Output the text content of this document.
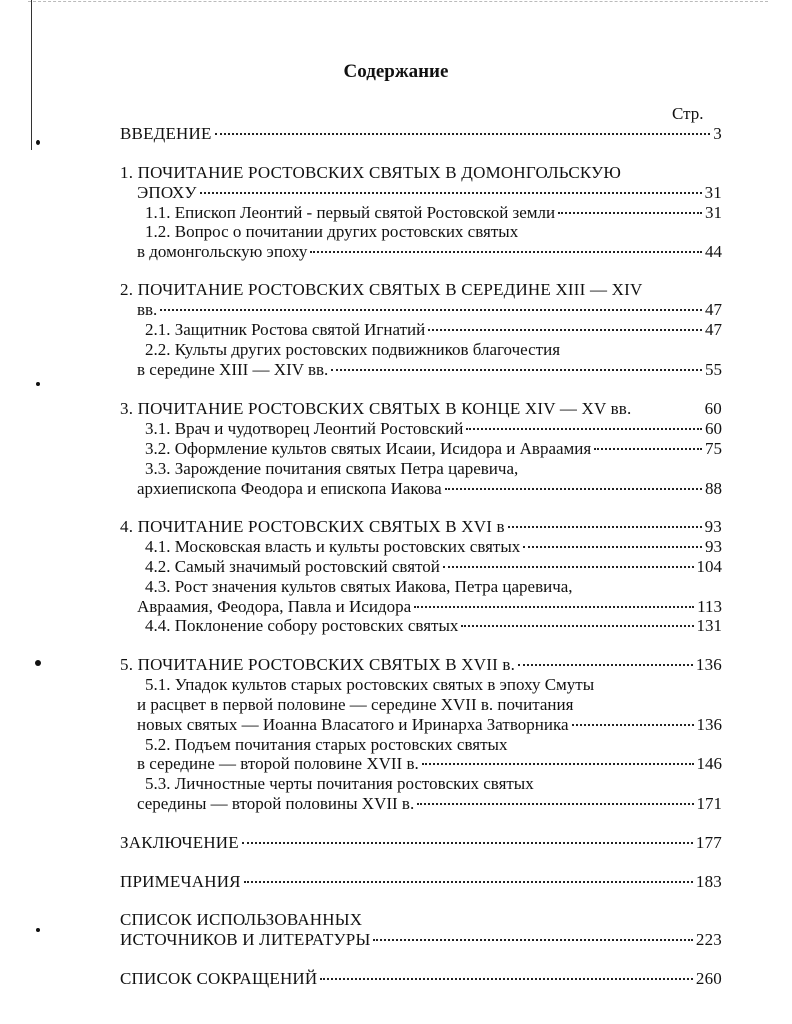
Содержание
Стр.
ВВЕДЕНИЕ	3
1. ПОЧИТАНИЕ РОСТОВСКИХ СВЯТЫХ В ДОМОНГОЛЬСКУЮ
ЭПОХУ	31
1.1. Епископ Леонтий - первый святой Ростовской земли	31
1.2. Вопрос о почитании других ростовских святых
в домонгольскую эпоху	44
2. ПОЧИТАНИЕ РОСТОВСКИХ СВЯТЫХ В СЕРЕДИНЕ XIII — XIV
вв.	47
2.1. Защитник Ростова святой Игнатий	47
2.2. Культы других ростовских подвижников благочестия
в середине XIII — XIV вв.	55
3. ПОЧИТАНИЕ РОСТОВСКИХ СВЯТЫХ В КОНЦЕ XIV — XV вв.	60
3.1. Врач и чудотворец Леонтий Ростовский	60
3.2. Оформление культов святых Исаии, Исидора и Авраамия	75
3.3. Зарождение почитания святых Петра царевича,
архиепископа Феодора и епископа Иакова	88
4. ПОЧИТАНИЕ РОСТОВСКИХ СВЯТЫХ В XVI в	93
4.1. Московская власть и культы ростовских святых	93
4.2. Самый значимый ростовский святой	104
4.3. Рост значения культов святых Иакова, Петра царевича,
Авраамия, Феодора, Павла и Исидора	113
4.4. Поклонение собору ростовских святых	131
5. ПОЧИТАНИЕ РОСТОВСКИХ СВЯТЫХ В XVII в.	136
5.1. Упадок культов старых ростовских святых в эпоху Смуты
и расцвет в первой половине — середине XVII в. почитания
новых святых — Иоанна Власатого и Иринарха Затворника	136
5.2. Подъем почитания старых ростовских святых
в середине — второй половине XVII в.	146
5.3. Личностные черты почитания ростовских святых
середины — второй половины XVII в.	171
ЗАКЛЮЧЕНИЕ	177
ПРИМЕЧАНИЯ	183
СПИСОК ИСПОЛЬЗОВАННЫХ
ИСТОЧНИКОВ И ЛИТЕРАТУРЫ	223
СПИСОК СОКРАЩЕНИЙ	260
